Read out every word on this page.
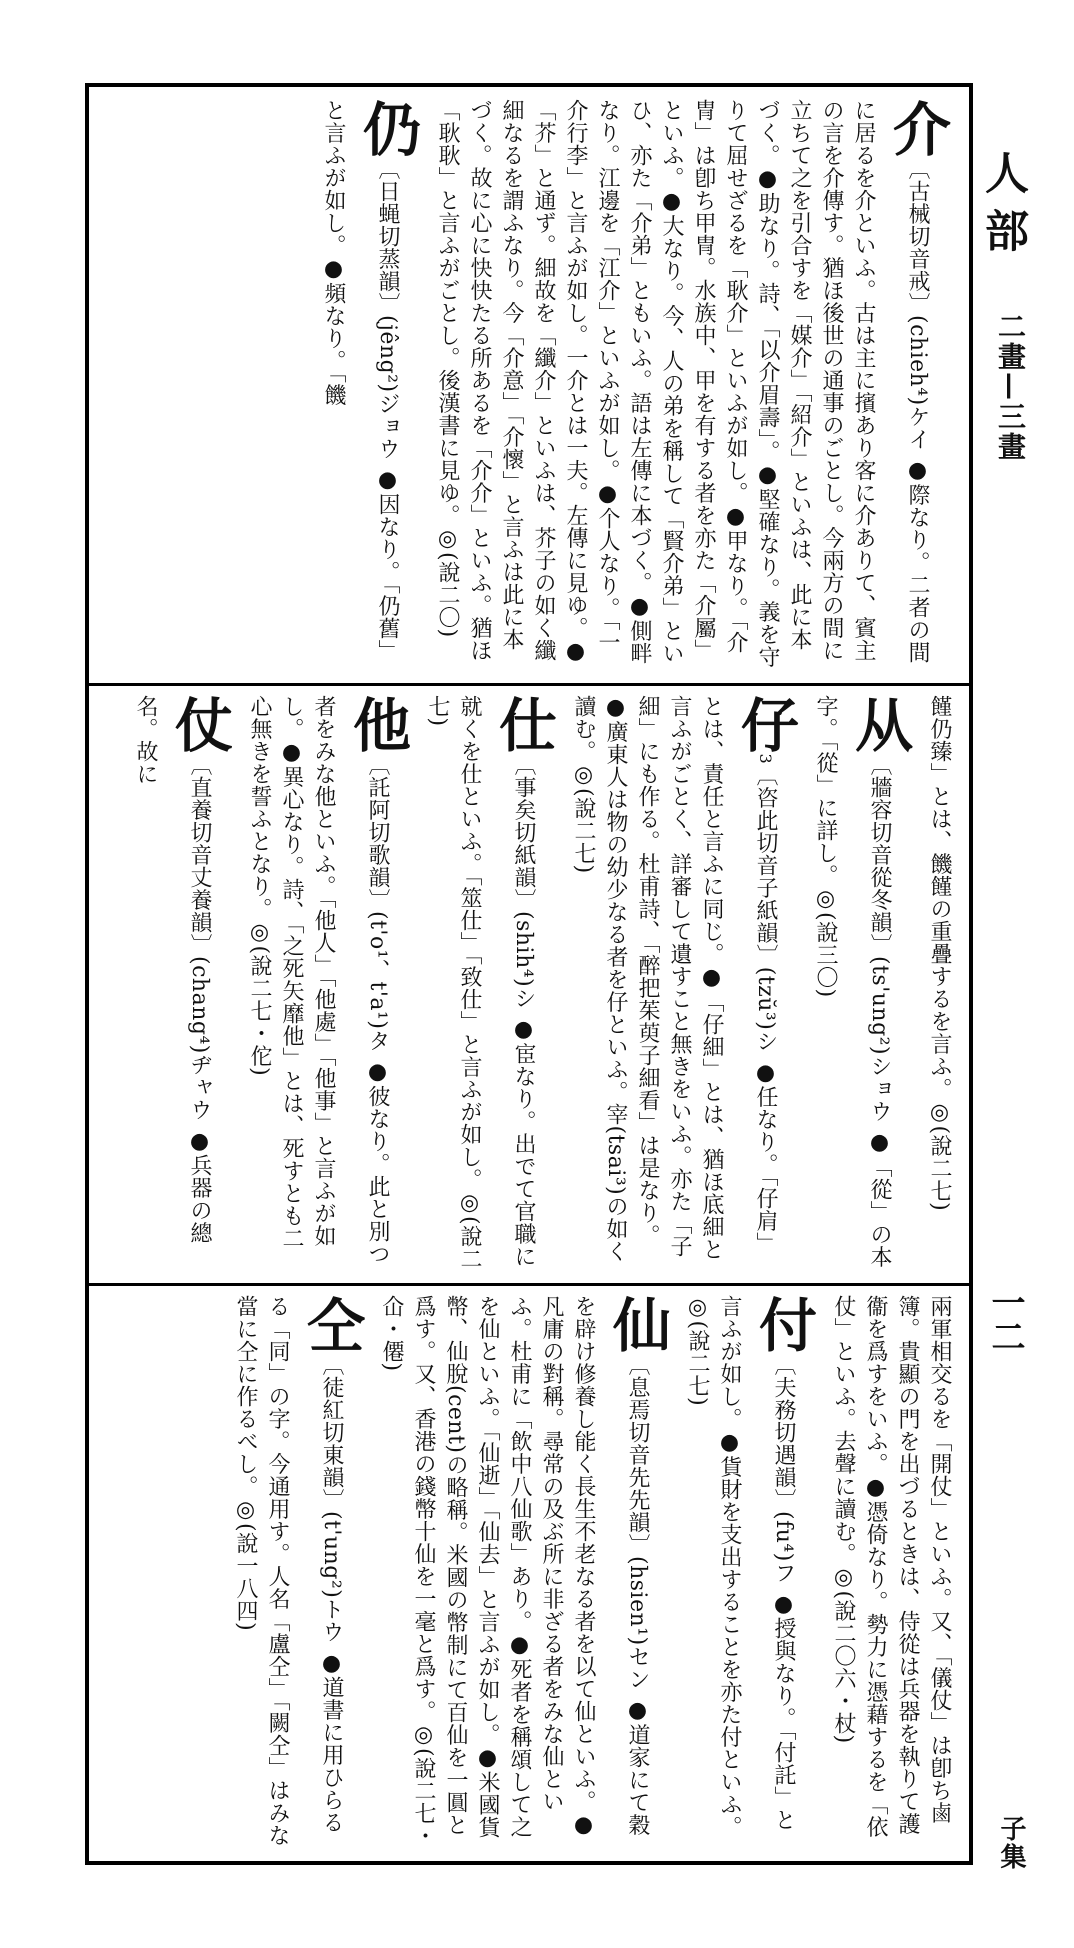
人部
二畫—三畫
一二
子集
介〔古械切音戒〕(chieh⁴)ケイ ●際なり。二者の間に居るを介といふ。古は主に擯あり客に介ありて、賓主の言を介傳す。猶ほ後世の通事のごとし。今兩方の間に立ちて之を引合すを「媒介」「紹介」といふは、此に本づく。●助なり。詩、「以介眉壽」。●堅確なり。義を守りて屈せざるを「耿介」といふが如し。●甲なり。「介冑」は卽ち甲冑。水族中、甲を有する者を亦た「介屬」といふ。●大なり。今、人の弟を稱して「賢介弟」といひ、亦た「介弟」ともいふ。語は左傳に本づく。●側畔なり。江邊を「江介」といふが如し。●个人なり。「一介行李」と言ふが如し。一介とは一夫。左傳に見ゆ。●「芥」と通ず。細故を「纖介」といふは、芥子の如く纖細なるを謂ふなり。今「介意」「介懷」と言ふは此に本づく。故に心に快快たる所あるを「介介」といふ。猶ほ「耿耿」と言ふがごとし。後漢書に見ゆ。◎(說二〇)
仍〔日蝇切蒸韻〕(jêng²)ジョウ ●因なり。「仍舊」と言ふが如し。●頻なり。「饑
饉仍臻」とは、饑饉の重疊するを言ふ。◎(說二七)
从〔牆容切音從冬韻〕(ts'ung²)ショウ ●「從」の本字。「從」に詳し。◎(說三〇)
仔3〔咨此切音子紙韻〕(tzŭ³)シ ●任なり。「仔肩」とは、責任と言ふに同じ。●「仔細」とは、猶ほ底細と言ふがごとく、詳審して遺すこと無きをいふ。亦た「子細」にも作る。杜甫詩、「醉把茱萸子細看」は是なり。●廣東人は物の幼少なる者を仔といふ。宰(tsai³)の如く讀む。◎(說二七)
仕〔事矣切紙韻〕(shih⁴)シ ●宦なり。出でて官職に就くを仕といふ。「筮仕」「致仕」と言ふが如し。◎(說二七)
他〔託阿切歌韻〕(t'o¹、t'a¹)タ ●彼なり。此と別つ者をみな他といふ。「他人」「他處」「他事」と言ふが如し。●異心なり。詩、「之死矢靡他」とは、死すとも二心無きを誓ふとなり。◎(說二七・佗)
仗〔直養切音丈養韻〕(chang⁴)ヂャウ ●兵器の總名。故に
兩軍相交るを「開仗」といふ。又、「儀仗」は卽ち鹵簿。貴顯の門を出づるときは、侍從は兵器を執りて護衞を爲すをいふ。●憑倚なり。勢力に憑藉するを「依仗」といふ。去聲に讀む。◎(說二〇六・杖)
付〔夫務切遇韻〕(fu⁴)フ ●授與なり。「付託」と言ふが如し。●貨財を支出することを亦た付といふ。◎(說二七)
仙〔息焉切音先先韻〕(hsien¹)セン ●道家にて穀を辟け修養し能く長生不老なる者を以て仙といふ。●凡庸の對稱。尋常の及ぶ所に非ざる者をみな仙といふ。杜甫に「飲中八仙歌」あり。●死者を稱頌して之を仙といふ。「仙逝」「仙去」と言ふが如し。●米國貨幣、仙脫(cent)の略稱。米國の幣制にて百仙を一圓と爲す。又、香港の錢幣十仙を一毫と爲す。◎(說二七・仚・僊)
仝〔徒紅切東韻〕(t'ung²)トウ ●道書に用ひらるる「同」の字。今通用す。人名「盧仝」「闕仝」はみな當に仝に作るべし。◎(說一八四)
